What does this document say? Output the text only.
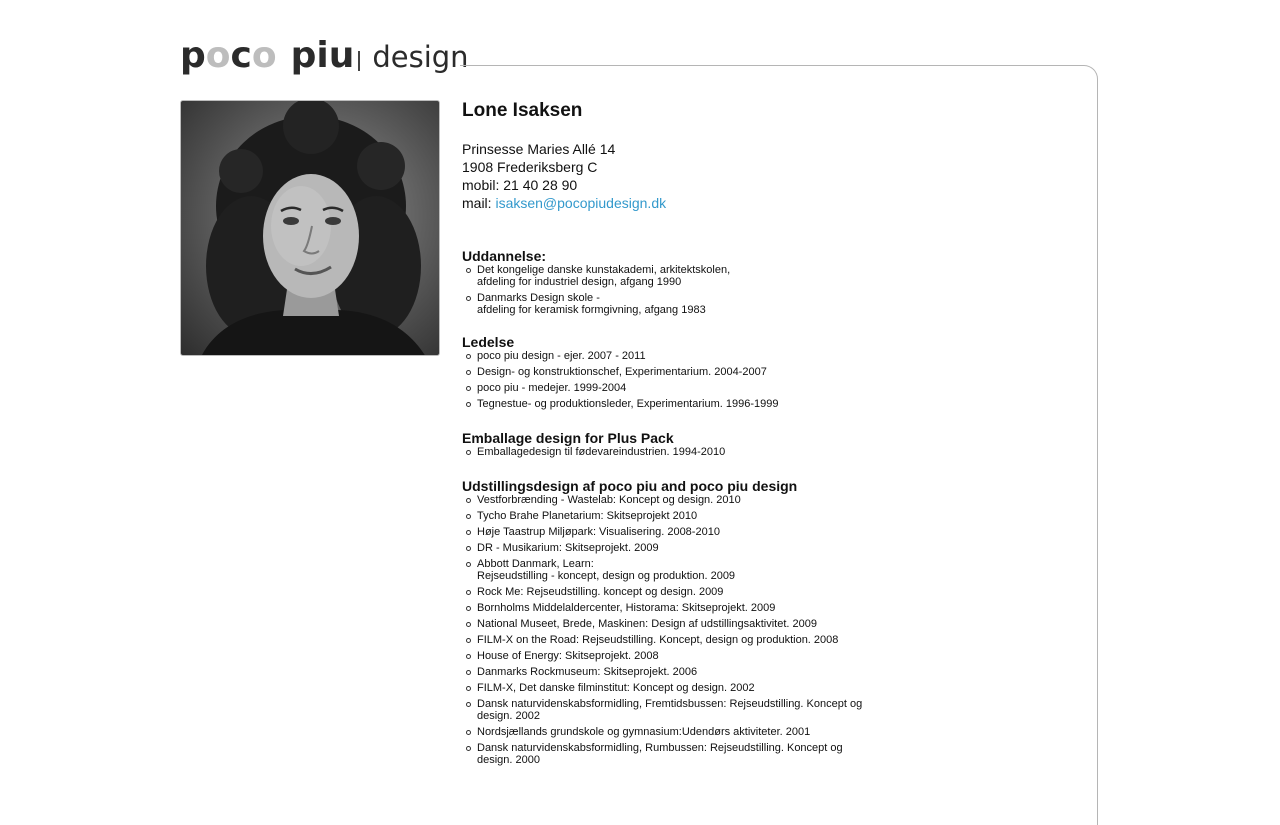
poco piu design
Lone Isaksen
Prinsesse Maries Allé 14
1908 Frederiksberg C
mobil: 21 40 28 90
mail: isaksen@pocopiudesign.dk
Uddannelse:
Det kongelige danske kunstakademi, arkitektskolen,
afdeling for industriel design, afgang 1990
Danmarks Design skole -
afdeling for keramisk formgivning, afgang 1983
Ledelse
poco piu design - ejer. 2007 - 2011
Design- og konstruktionschef, Experimentarium. 2004-2007
poco piu - medejer. 1999-2004
Tegnestue- og produktionsleder, Experimentarium. 1996-1999
Emballage design for Plus Pack
Emballagedesign til fødevareindustrien. 1994-2010
Udstillingsdesign af poco piu and poco piu design
Vestforbrænding - Wastelab: Koncept og design. 2010
Tycho Brahe Planetarium: Skitseprojekt 2010
Høje Taastrup Miljøpark: Visualisering. 2008-2010
DR - Musikarium: Skitseprojekt. 2009
Abbott Danmark, Learn:
Rejseudstilling - koncept, design og produktion. 2009
Rock Me: Rejseudstilling. koncept og design. 2009
Bornholms Middelaldercenter, Historama: Skitseprojekt. 2009
National Museet, Brede, Maskinen: Design af udstillingsaktivitet. 2009
FILM-X on the Road: Rejseudstilling. Koncept, design og produktion. 2008
House of Energy: Skitseprojekt. 2008
Danmarks Rockmuseum: Skitseprojekt. 2006
FILM-X, Det danske filminstitut: Koncept og design. 2002
Dansk naturvidenskabsformidling, Fremtidsbussen: Rejseudstilling. Koncept og
design. 2002
Nordsjællands grundskole og gymnasium:Udendørs aktiviteter. 2001
Dansk naturvidenskabsformidling, Rumbussen: Rejseudstilling. Koncept og
design. 2000
